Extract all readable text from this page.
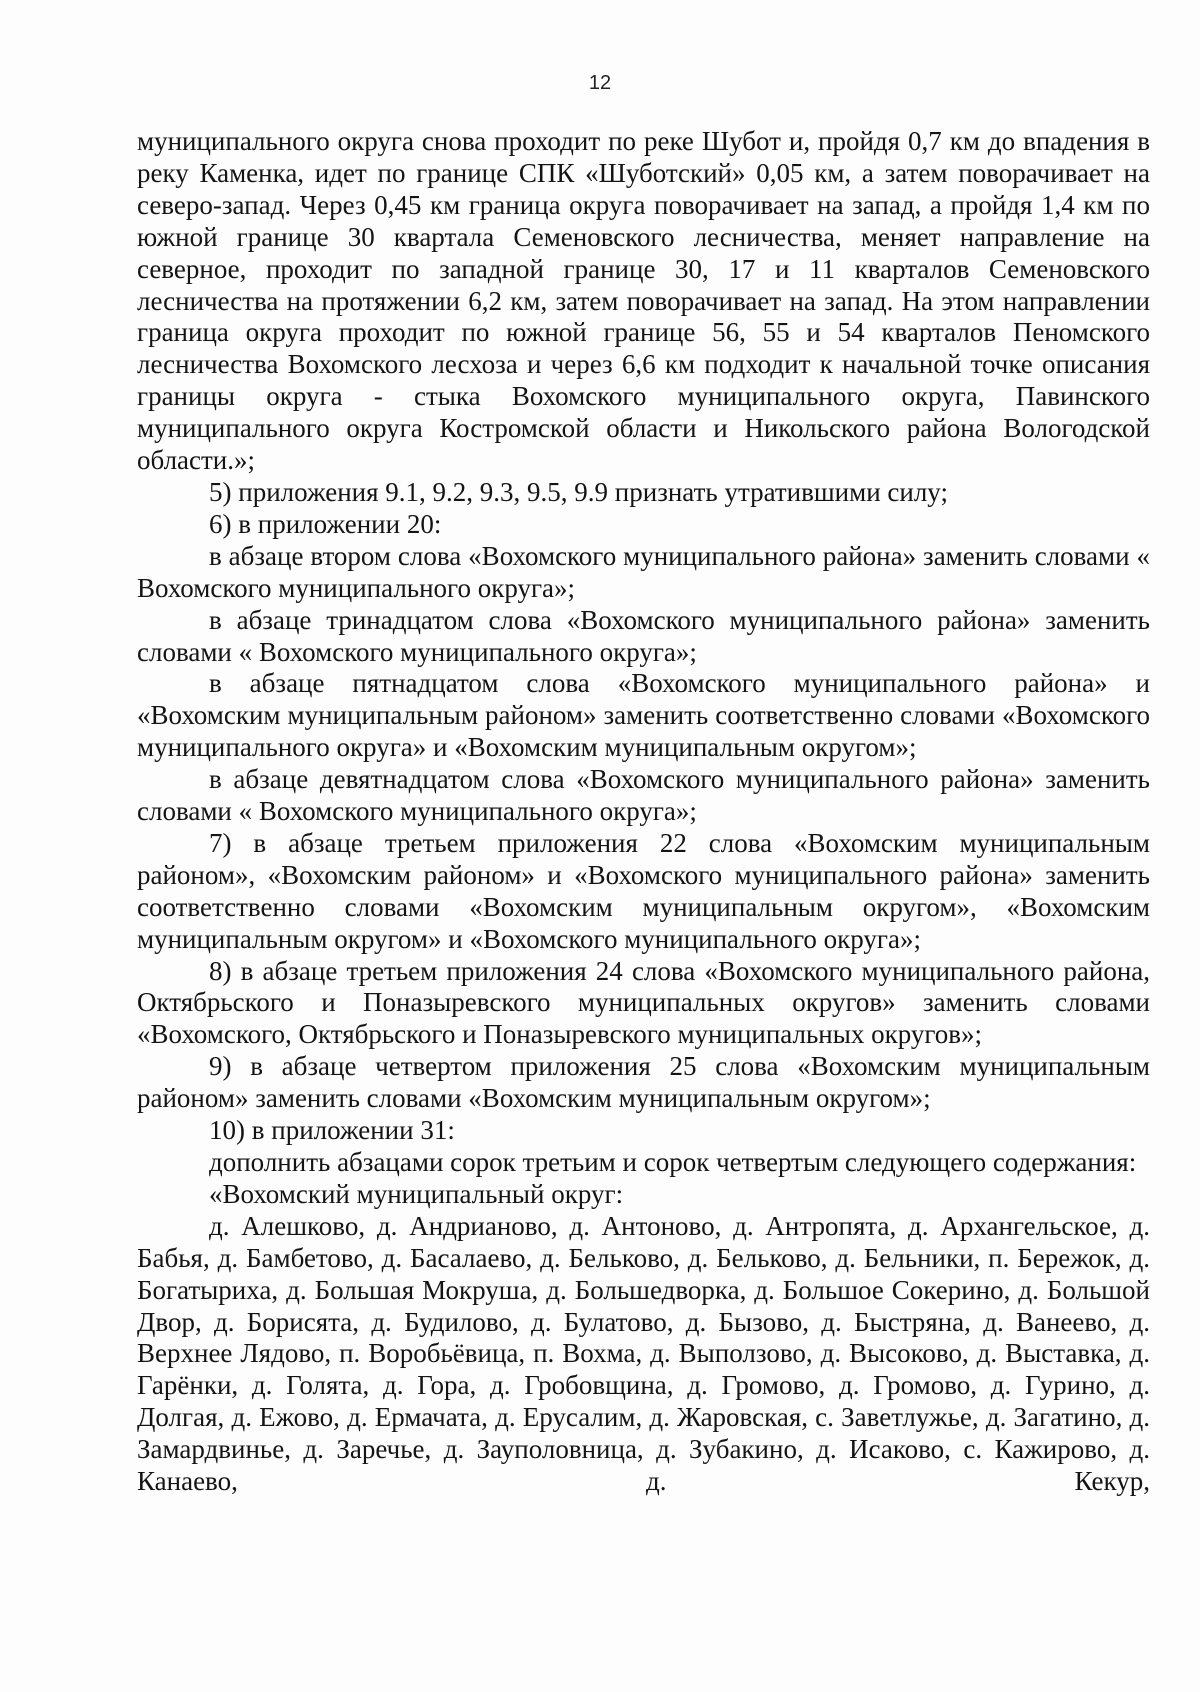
12

муниципального округа снова проходит по реке Шубот и, пройдя 0,7 км до впадения в реку Каменка, идет по границе СПК «Шуботский» 0,05 км, а затем поворачивает на северо-запад. Через 0,45 км граница округа поворачивает на запад, а пройдя 1,4 км по южной границе 30 квартала Семеновского лесничества, меняет направление на северное, проходит по западной границе 30, 17 и 11 кварталов Семеновского лесничества на протяжении 6,2 км, затем поворачивает на запад. На этом направлении граница округа проходит по южной границе 56, 55 и 54 кварталов Пеномского лесничества Вохомского лесхоза и через 6,6 км подходит к начальной точке описания границы округа - стыка Вохомского муниципального округа, Павинского муниципального округа Костромской области и Никольского района Вологодской области.»;

5) приложения 9.1, 9.2, 9.3, 9.5, 9.9 признать утратившими силу;

6) в приложении 20:

в абзаце втором слова «Вохомского муниципального района» заменить словами « Вохомского муниципального округа»;

в абзаце тринадцатом слова «Вохомского муниципального района» заменить словами « Вохомского муниципального округа»;

в абзаце пятнадцатом слова «Вохомского муниципального района» и «Вохомским муниципальным районом» заменить соответственно словами «Вохомского муниципального округа» и «Вохомским муниципальным округом»;

в абзаце девятнадцатом слова «Вохомского муниципального района» заменить словами « Вохомского муниципального округа»;

7) в абзаце третьем приложения 22 слова «Вохомским муниципальным районом», «Вохомским районом» и «Вохомского муниципального района» заменить соответственно словами «Вохомским муниципальным округом», «Вохомским муниципальным округом» и «Вохомского муниципального округа»;

8) в абзаце третьем приложения 24 слова «Вохомского муниципального района, Октябрьского и Поназыревского муниципальных округов» заменить словами «Вохомского, Октябрьского и Поназыревского муниципальных округов»;

9) в абзаце четвертом приложения 25 слова «Вохомским муниципальным районом» заменить словами «Вохомским муниципальным округом»;

10) в приложении 31:

дополнить абзацами сорок третьим и сорок четвертым следующего содержания:

«Вохомский муниципальный округ:

д. Алешково, д. Андрианово, д. Антоново, д. Антропята, д. Архангельское, д. Бабья, д. Бамбетово, д. Басалаево, д. Бельково, д. Бельково, д. Бельники, п. Бережок, д. Богатыриха, д. Большая Мокруша, д. Большедворка, д. Большое Сокерино, д. Большой Двор, д. Борисята, д. Будилово, д. Булатово, д. Бызово, д. Быстряна, д. Ванеево, д. Верхнее Лядово, п. Воробьёвица, п. Вохма, д. Выползово, д. Высоково, д. Выставка, д. Гарёнки, д. Голята, д. Гора, д. Гробовщина, д. Громово, д. Громово, д. Гурино, д. Долгая, д. Ежово, д. Ермачата, д. Ерусалим, д. Жаровская, с. Заветлужье, д. Загатино, д. Замардвинье, д. Заречье, д. Зауполовница, д. Зубакино, д. Исаково, с. Кажирово, д. Канаево, д. Кекур,
